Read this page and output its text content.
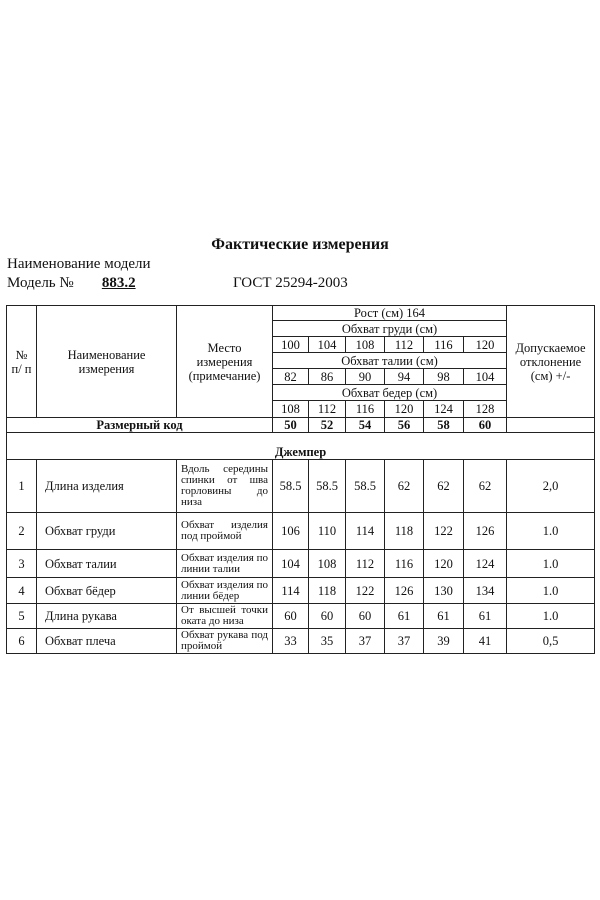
Фактические измерения
Наименование модели
Модель № 883.2	ГОСТ 25294-2003
№ п/ п	Наименование измерения	Место измерения (примечание)	Рост (см) 164						Допускаемое отклонение (см) +/-
			Обхват груди (см)						
			100	104	108	112	116	120	
			Обхват талии (см)						
			82	86	90	94	98	104	
			Обхват бедер (см)						
			108	112	116	120	124	128	
Размерный код			50	52	54	56	58	60	
Джемпер									
1	Длина изделия	Вдоль середины спинки от шва горловины до низа	58.5	58.5	58.5	62	62	62	2,0
2	Обхват груди	Обхват изделия под проймой	106	110	114	118	122	126	1.0
3	Обхват талии	Обхват изделия по линии талии	104	108	112	116	120	124	1.0
4	Обхват бёдер	Обхват изделия по линии бёдер	114	118	122	126	130	134	1.0
5	Длина рукава	От высшей точки оката до низа	60	60	60	61	61	61	1.0
6	Обхват плеча	Обхват рукава под проймой	33	35	37	37	39	41	0,5
